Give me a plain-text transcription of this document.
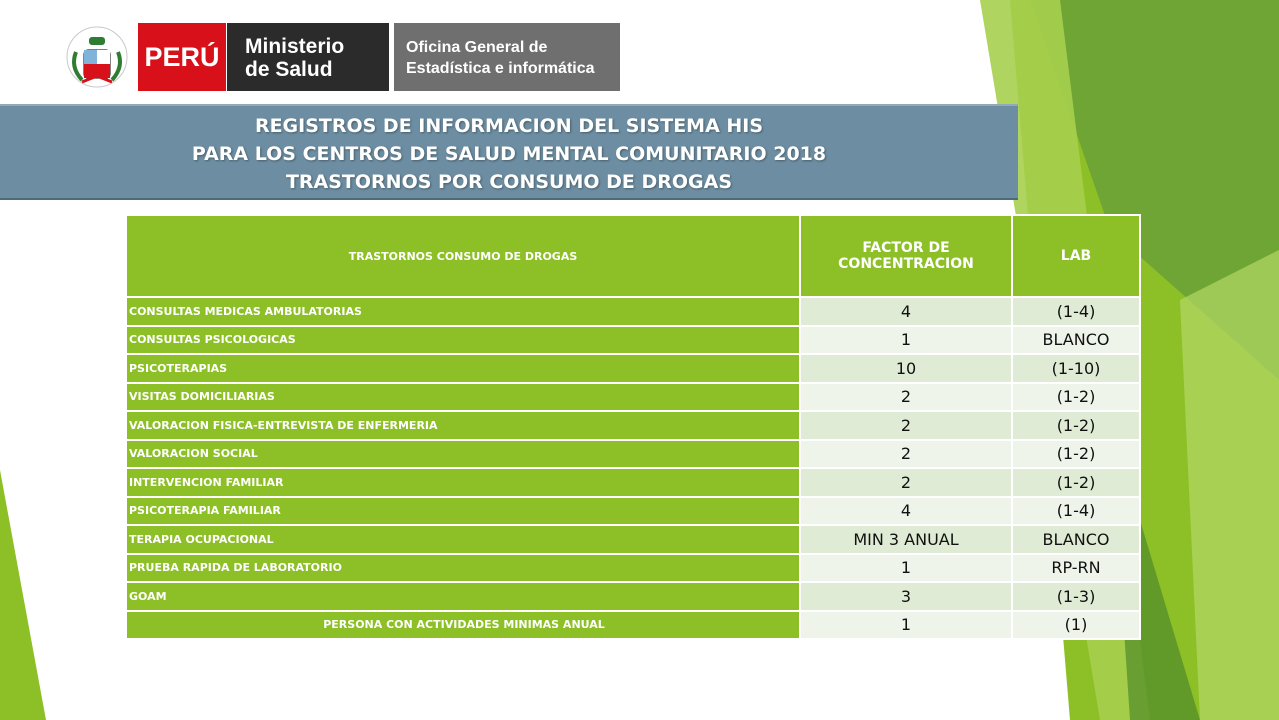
PERÚ Ministerio
de Salud
Oficina General de
Estadística e informática
REGISTROS DE INFORMACION DEL SISTEMA HIS
PARA LOS CENTROS DE SALUD MENTAL COMUNITARIO 2018
TRASTORNOS POR CONSUMO DE DROGAS
TRASTORNOS CONSUMO DE DROGAS	FACTOR DE CONCENTRACION	LAB
CONSULTAS MEDICAS AMBULATORIAS	4	(1-4)
CONSULTAS PSICOLOGICAS	1	BLANCO
PSICOTERAPIAS	10	(1-10)
VISITAS DOMICILIARIAS	2	(1-2)
VALORACION FISICA-ENTREVISTA DE ENFERMERIA	2	(1-2)
VALORACION SOCIAL	2	(1-2)
INTERVENCION FAMILIAR	2	(1-2)
PSICOTERAPIA FAMILIAR	4	(1-4)
TERAPIA OCUPACIONAL	MIN 3 ANUAL	BLANCO
PRUEBA RAPIDA DE LABORATORIO	1	RP-RN
GOAM	3	(1-3)
PERSONA CON ACTIVIDADES MINIMAS ANUAL	1	(1)
